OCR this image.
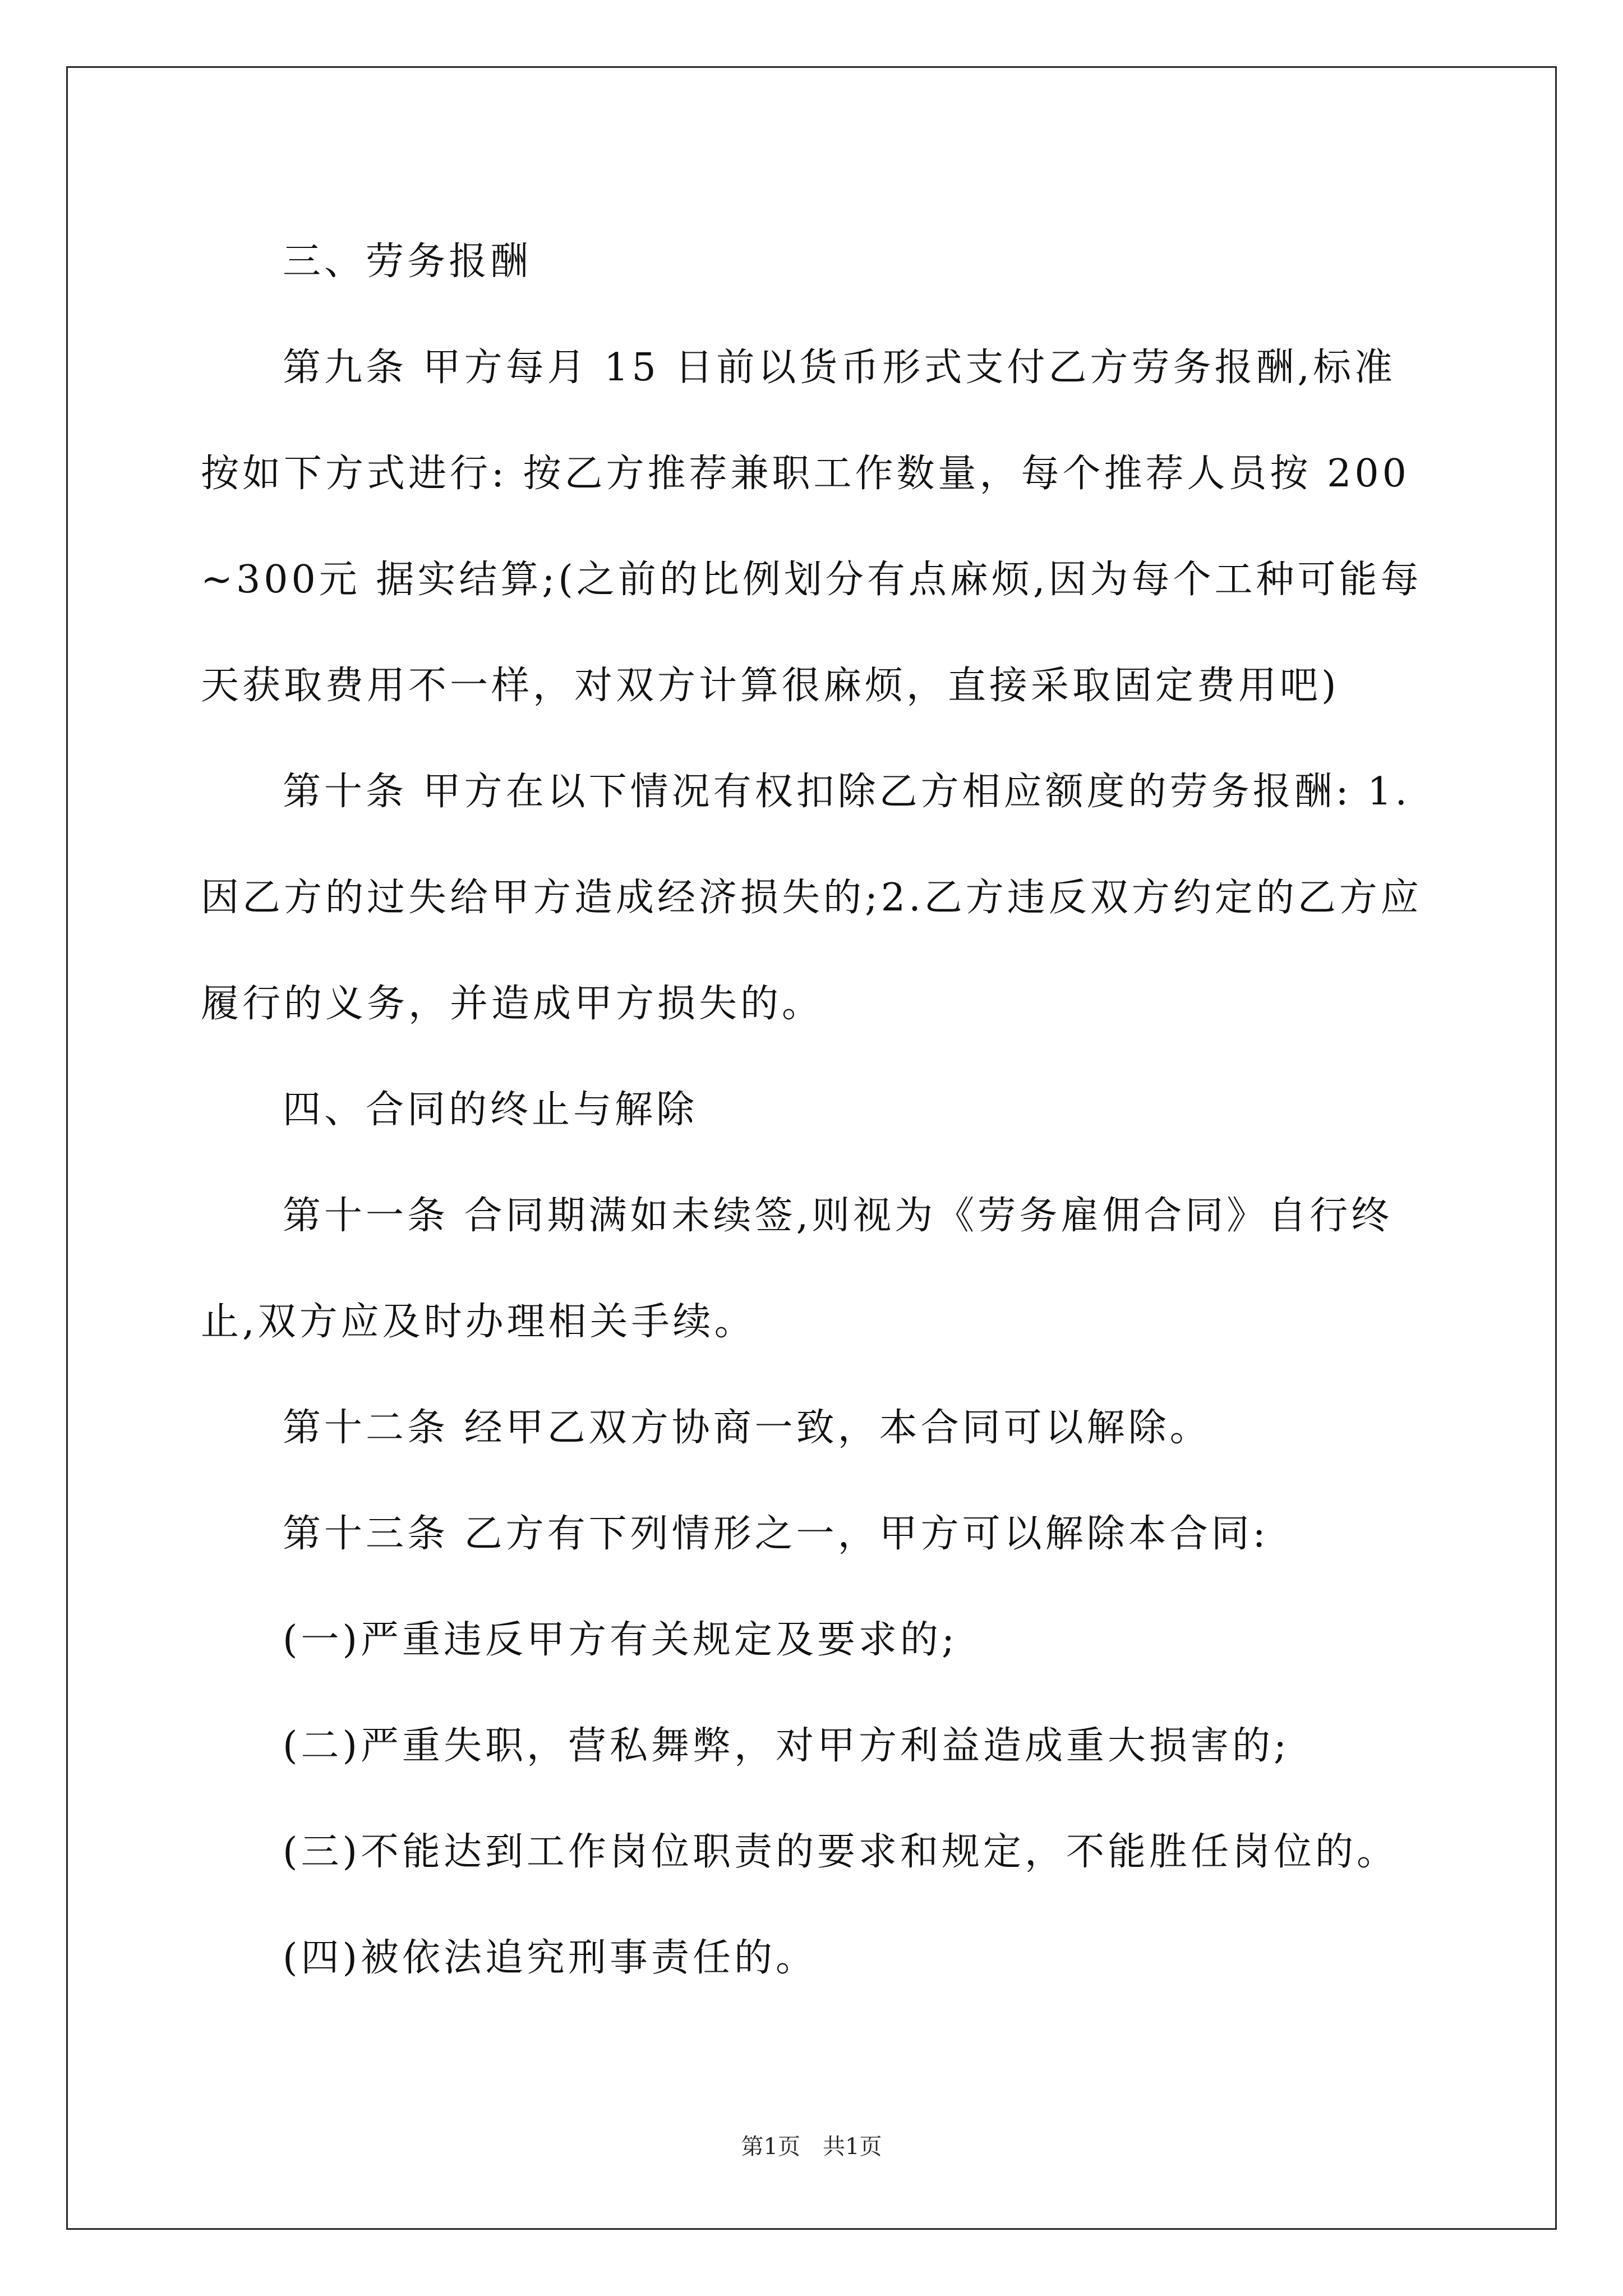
三、劳务报酬

第九条 甲方每月 15 日前以货币形式支付乙方劳务报酬,标准按如下方式进行: 按乙方推荐兼职工作数量，每个推荐人员按 200~300元 据实结算;(之前的比例划分有点麻烦,因为每个工种可能每天获取费用不一样，对双方计算很麻烦，直接采取固定费用吧)

第十条 甲方在以下情况有权扣除乙方相应额度的劳务报酬: 1.因乙方的过失给甲方造成经济损失的;2.乙方违反双方约定的乙方应履行的义务，并造成甲方损失的。

四、合同的终止与解除

第十一条 合同期满如未续签,则视为《劳务雇佣合同》自行终止,双方应及时办理相关手续。

第十二条 经甲乙双方协商一致，本合同可以解除。

第十三条 乙方有下列情形之一，甲方可以解除本合同:

(一)严重违反甲方有关规定及要求的;

(二)严重失职，营私舞弊，对甲方利益造成重大损害的;

(三)不能达到工作岗位职责的要求和规定，不能胜任岗位的。

(四)被依法追究刑事责任的。

第1页 共1页
